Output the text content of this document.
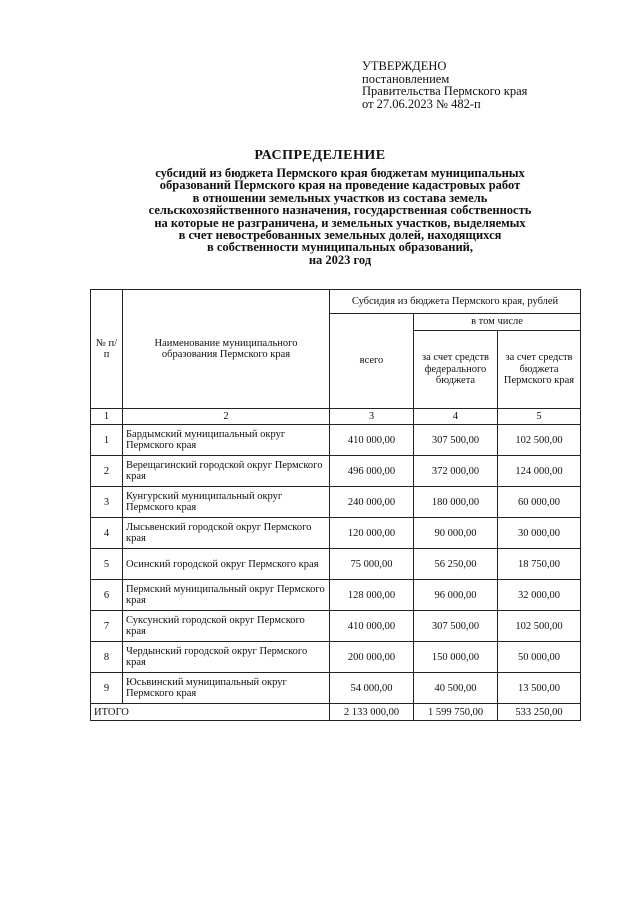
УТВЕРЖДЕНО
постановлением
Правительства Пермского края
от 27.06.2023 № 482-п
РАСПРЕДЕЛЕНИЕ
субсидий из бюджета Пермского края бюджетам муниципальных
образований Пермского края на проведение кадастровых работ
в отношении земельных участков из состава земель
сельскохозяйственного назначения, государственная собственность
на которые не разграничена, и земельных участков, выделяемых
в счет невостребованных земельных долей, находящихся
в собственности муниципальных образований,
на 2023 год
№ п/п	Наименование муниципального образования Пермского края	Субсидия из бюджета Пермского края, рублей		
		всего	в том числе	
			за счет средств федерального бюджета	за счет средств бюджета Пермского края
1	2	3	4	5
1	Бардымский муниципальный округ Пермского края	410 000,00	307 500,00	102 500,00
2	Верещагинский городской округ Пермского края	496 000,00	372 000,00	124 000,00
3	Кунгурский муниципальный округ Пермского края	240 000,00	180 000,00	60 000,00
4	Лысьвенский городской округ Пермского края	120 000,00	90 000,00	30 000,00
5	Осинский городской округ Пермского края	75 000,00	56 250,00	18 750,00
6	Пермский муниципальный округ Пермского края	128 000,00	96 000,00	32 000,00
7	Суксунский городской округ Пермского края	410 000,00	307 500,00	102 500,00
8	Чердынский городской округ Пермского края	200 000,00	150 000,00	50 000,00
9	Юсьвинский муниципальный округ Пермского края	54 000,00	40 500,00	13 500,00
ИТОГО		2 133 000,00	1 599 750,00	533 250,00
